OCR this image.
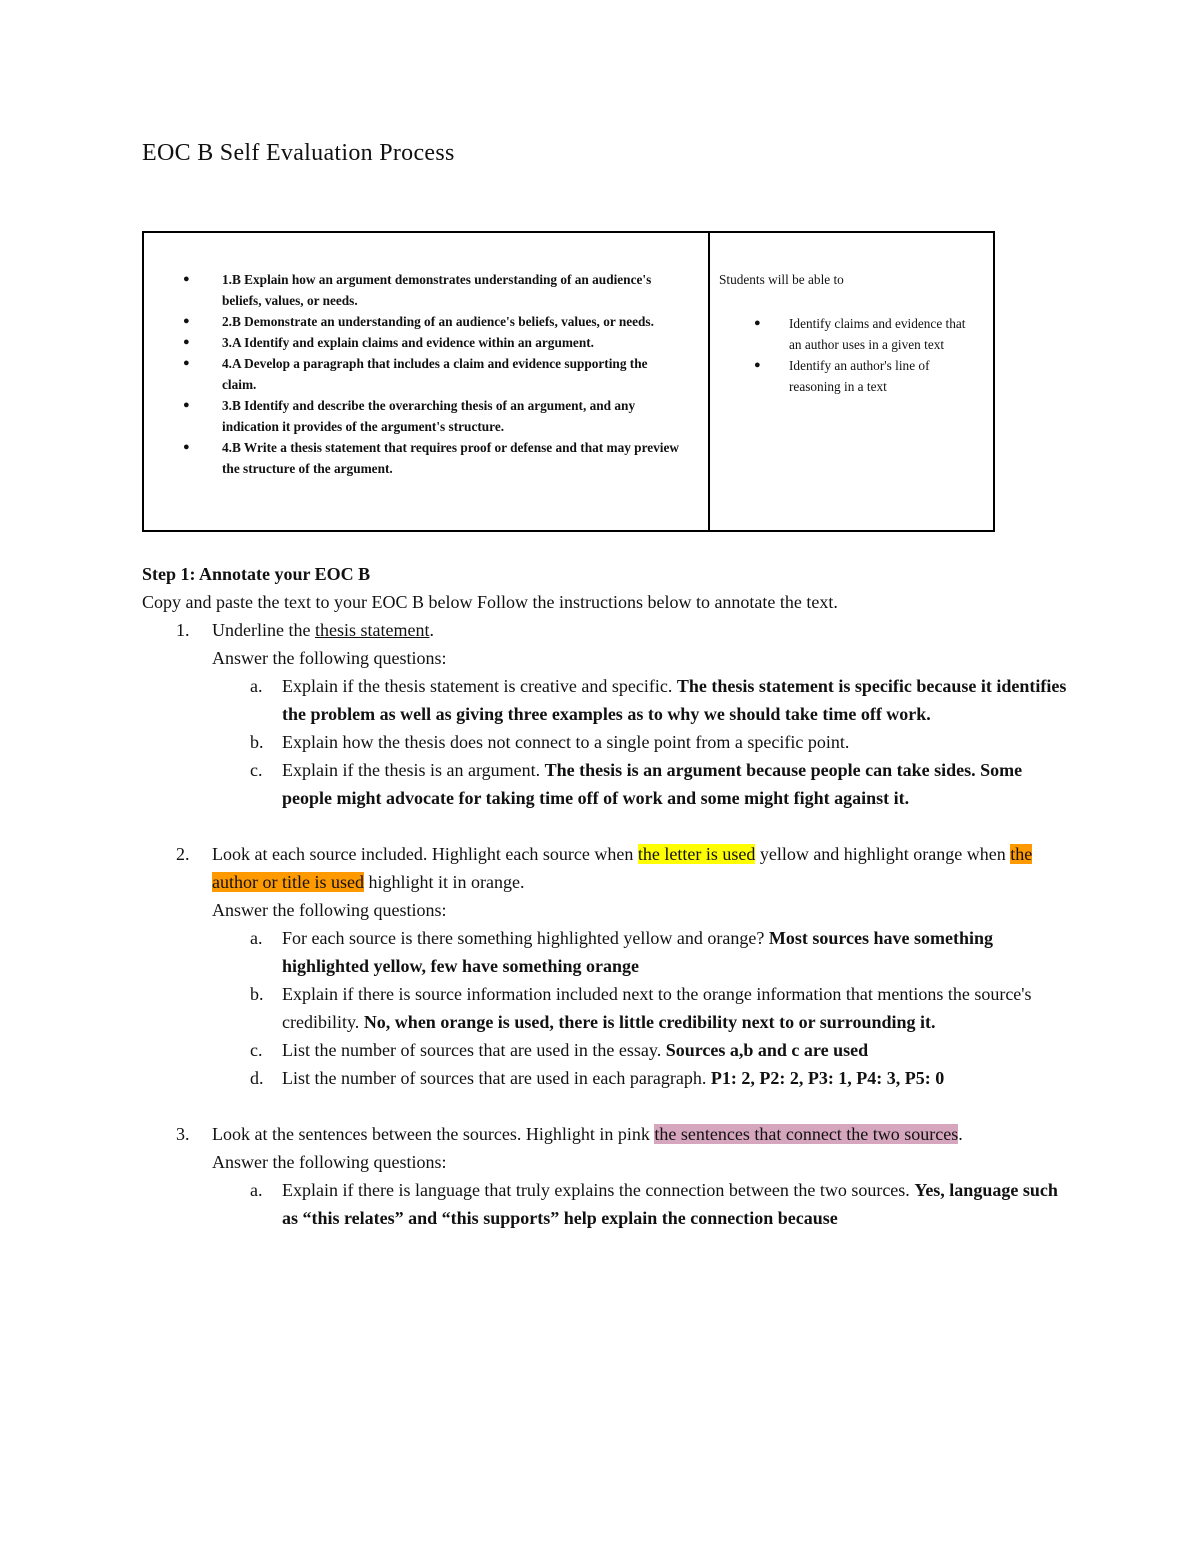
EOC B Self Evaluation Process
● 1.B Explain how an argument demonstrates understanding of an audience's beliefs, values, or needs.
● 2.B Demonstrate an understanding of an audience's beliefs, values, or needs.
● 3.A Identify and explain claims and evidence within an argument.
● 4.A Develop a paragraph that includes a claim and evidence supporting the claim.
● 3.B Identify and describe the overarching thesis of an argument, and any indication it provides of the argument's structure.
● 4.B Write a thesis statement that requires proof or defense and that may preview the structure of the argument.

Students will be able to

● Identify claims and evidence that an author uses in a given text
● Identify an author's line of reasoning in a text

Step 1: Annotate your EOC B

Copy and paste the text to your EOC B below Follow the instructions below to annotate the text.

1. Underline the thesis statement.

Answer the following questions:

a. Explain if the thesis statement is creative and specific. The thesis statement is specific because it identifies the problem as well as giving three examples as to why we should take time off work.

b. Explain how the thesis does not connect to a single point from a specific point.

c. Explain if the thesis is an argument. The thesis is an argument because people can take sides. Some people might advocate for taking time off of work and some might fight against it.

2. Look at each source included. Highlight each source when the letter is used yellow and highlight orange when the author or title is used highlight it in orange.

Answer the following questions:

a. For each source is there something highlighted yellow and orange? Most sources have something highlighted yellow, few have something orange

b. Explain if there is source information included next to the orange information that mentions the source's credibility. No, when orange is used, there is little credibility next to or surrounding it.

c. List the number of sources that are used in the essay. Sources a,b and c are used

d. List the number of sources that are used in each paragraph. P1: 2, P2: 2, P3: 1, P4: 3, P5: 0

3. Look at the sentences between the sources. Highlight in pink the sentences that connect the two sources.

Answer the following questions:

a. Explain if there is language that truly explains the connection between the two sources. Yes, language such as “this relates” and “this supports” help explain the connection because
